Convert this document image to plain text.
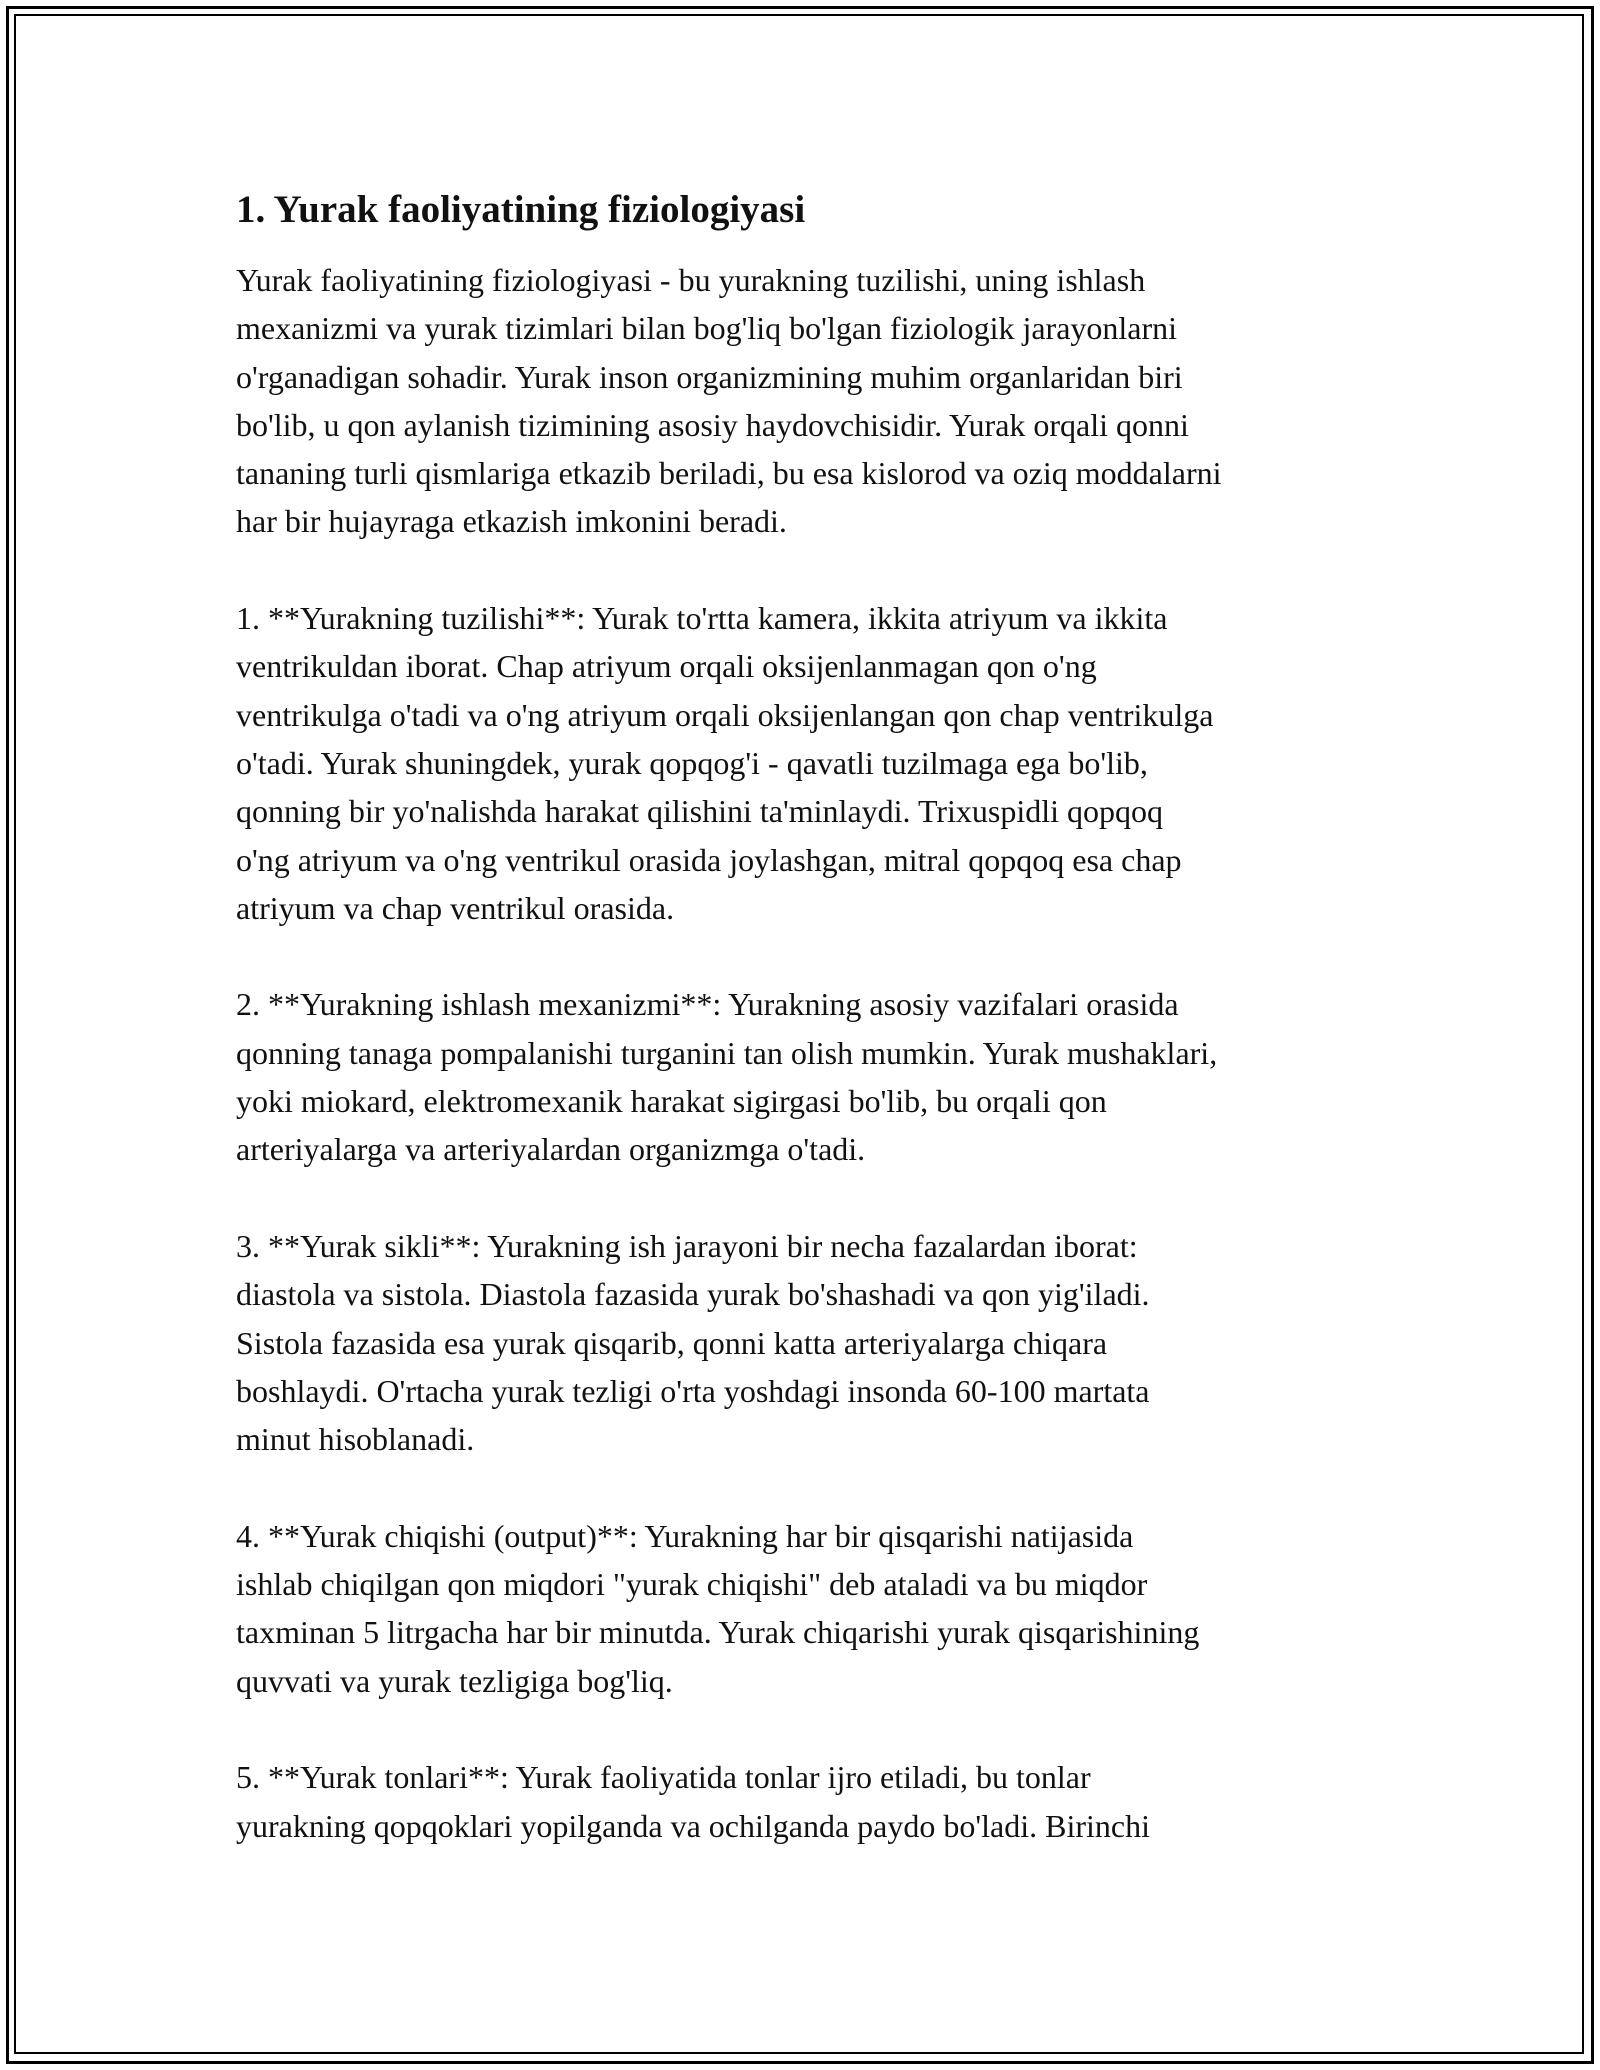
1. Yurak faoliyatining fiziologiyasi
Yurak faoliyatining fiziologiyasi - bu yurakning tuzilishi, uning ishlash
mexanizmi va yurak tizimlari bilan bog'liq bo'lgan fiziologik jarayonlarni
o'rganadigan sohadir. Yurak inson organizmining muhim organlaridan biri
bo'lib, u qon aylanish tizimining asosiy haydovchisidir. Yurak orqali qonni
tananing turli qismlariga etkazib beriladi, bu esa kislorod va oziq moddalarni
har bir hujayraga etkazish imkonini beradi.
1. **Yurakning tuzilishi**: Yurak to'rtta kamera, ikkita atriyum va ikkita
ventrikuldan iborat. Chap atriyum orqali oksijenlanmagan qon o'ng
ventrikulga o'tadi va o'ng atriyum orqali oksijenlangan qon chap ventrikulga
o'tadi. Yurak shuningdek, yurak qopqog'i - qavatli tuzilmaga ega bo'lib,
qonning bir yo'nalishda harakat qilishini ta'minlaydi. Trixuspidli qopqoq
o'ng atriyum va o'ng ventrikul orasida joylashgan, mitral qopqoq esa chap
atriyum va chap ventrikul orasida.
2. **Yurakning ishlash mexanizmi**: Yurakning asosiy vazifalari orasida
qonning tanaga pompalanishi turganini tan olish mumkin. Yurak mushaklari,
yoki miokard, elektromexanik harakat sigirgasi bo'lib, bu orqali qon
arteriyalarga va arteriyalardan organizmga o'tadi.
3. **Yurak sikli**: Yurakning ish jarayoni bir necha fazalardan iborat:
diastola va sistola. Diastola fazasida yurak bo'shashadi va qon yig'iladi.
Sistola fazasida esa yurak qisqarib, qonni katta arteriyalarga chiqara
boshlaydi. O'rtacha yurak tezligi o'rta yoshdagi insonda 60-100 martata
minut hisoblanadi.
4. **Yurak chiqishi (output)**: Yurakning har bir qisqarishi natijasida
ishlab chiqilgan qon miqdori "yurak chiqishi" deb ataladi va bu miqdor
taxminan 5 litrgacha har bir minutda. Yurak chiqarishi yurak qisqarishining
quvvati va yurak tezligiga bog'liq.
5. **Yurak tonlari**: Yurak faoliyatida tonlar ijro etiladi, bu tonlar
yurakning qopqoklari yopilganda va ochilganda paydo bo'ladi. Birinchi
